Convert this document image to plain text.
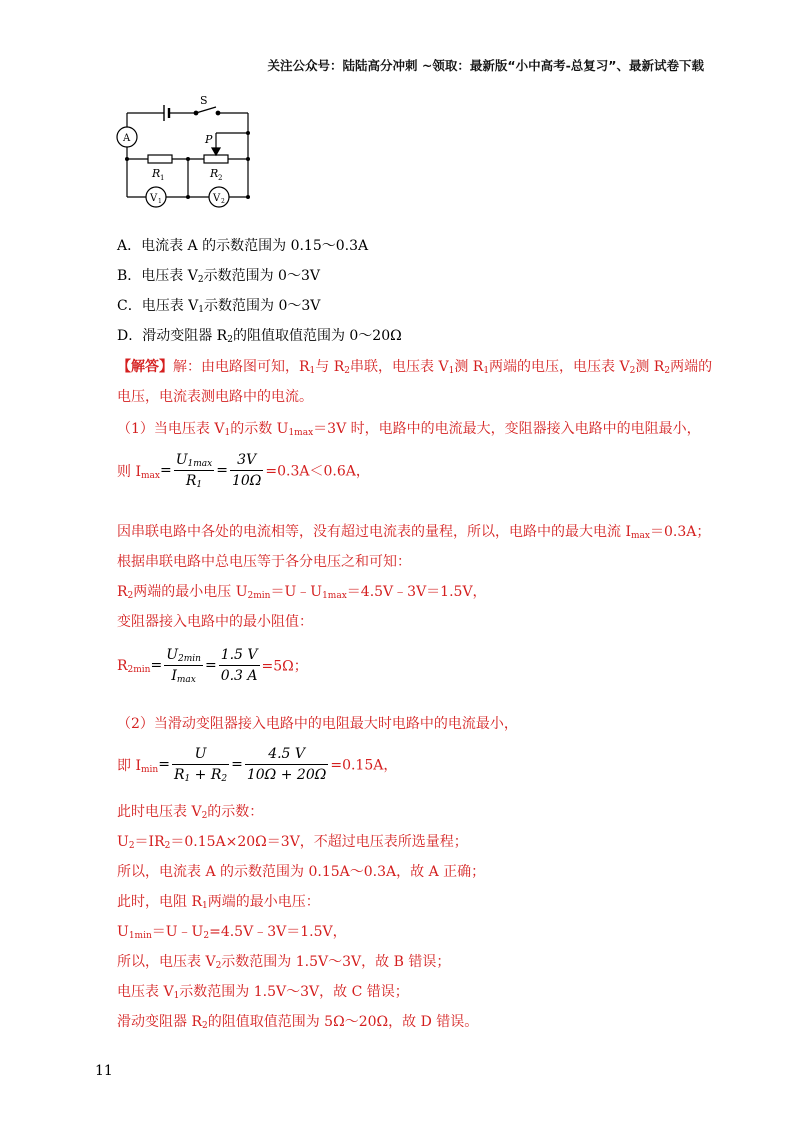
关注公众号：陆陆高分冲刺 ~领取：最新版“小中高考-总复习”、最新试卷下载
S
A	P
R 1	R 2
V 1	V 2
A．电流表 A 的示数范围为 0.15～0.3A
B．电压表 $V_2$示数范围为 0～3V
C．电压表 $V_1$示数范围为 0～3V
D．滑动变阻器 $R_2$的阻值取值范围为 0～20Ω
【解答】解：由电路图可知，$R_1$与 $R_2$串联，电压表 $V_1$测 $R_1$两端的电压，电压表 $V_2$测 $R_2$两端的
电压，电流表测电路中的电流。
（1）当电压表 $V_1$的示数 $U_{1max}=3V$ 时，电路中的电流最大，变阻器接入电路中的电阻最小，
则 $I_{max}= \frac{U_{1max}}{R_1} = \frac{3V}{10\Omega} =0.3A<0.6A$，
因串联电路中各处的电流相等，没有超过电流表的量程，所以，电路中的最大电流 $I_{max}=0.3A$；
根据串联电路中总电压等于各分电压之和可知：
$R_2$两端的最小电压 $U_{2min}=U﹣U_{1max}=4.5V﹣3V=1.5V$，
变阻器接入电路中的最小阻值：
$R_{2min}= \frac{U_{2min}}{I_{max}} = \frac{1.5 V}{0.3 A} =5\Omega$；
（2）当滑动变阻器接入电路中的电阻最大时电路中的电流最小，
即 $I_{min}= \frac{U}{R_1 + R_2} = \frac{4.5 V}{10\Omega + 20\Omega} =0.15A$，
此时电压表 $V_2$的示数：
$U_2=IR_2=0.15A\times 20\Omega=3V$，不超过电压表所选量程；
所以，电流表 A 的示数范围为 0.15A～0.3A，故 A 正确；
此时，电阻 $R_1$两端的最小电压：
$U_{1min}=U﹣U_2=4.5V﹣3V=1.5V$，
所以，电压表 $V_2$示数范围为 1.5V～3V，故 B 错误；
电压表 $V_1$示数范围为 1.5V～3V，故 C 错误；
滑动变阻器 $R_2$的阻值取值范围为 5Ω～20Ω，故 D 错误。
11
